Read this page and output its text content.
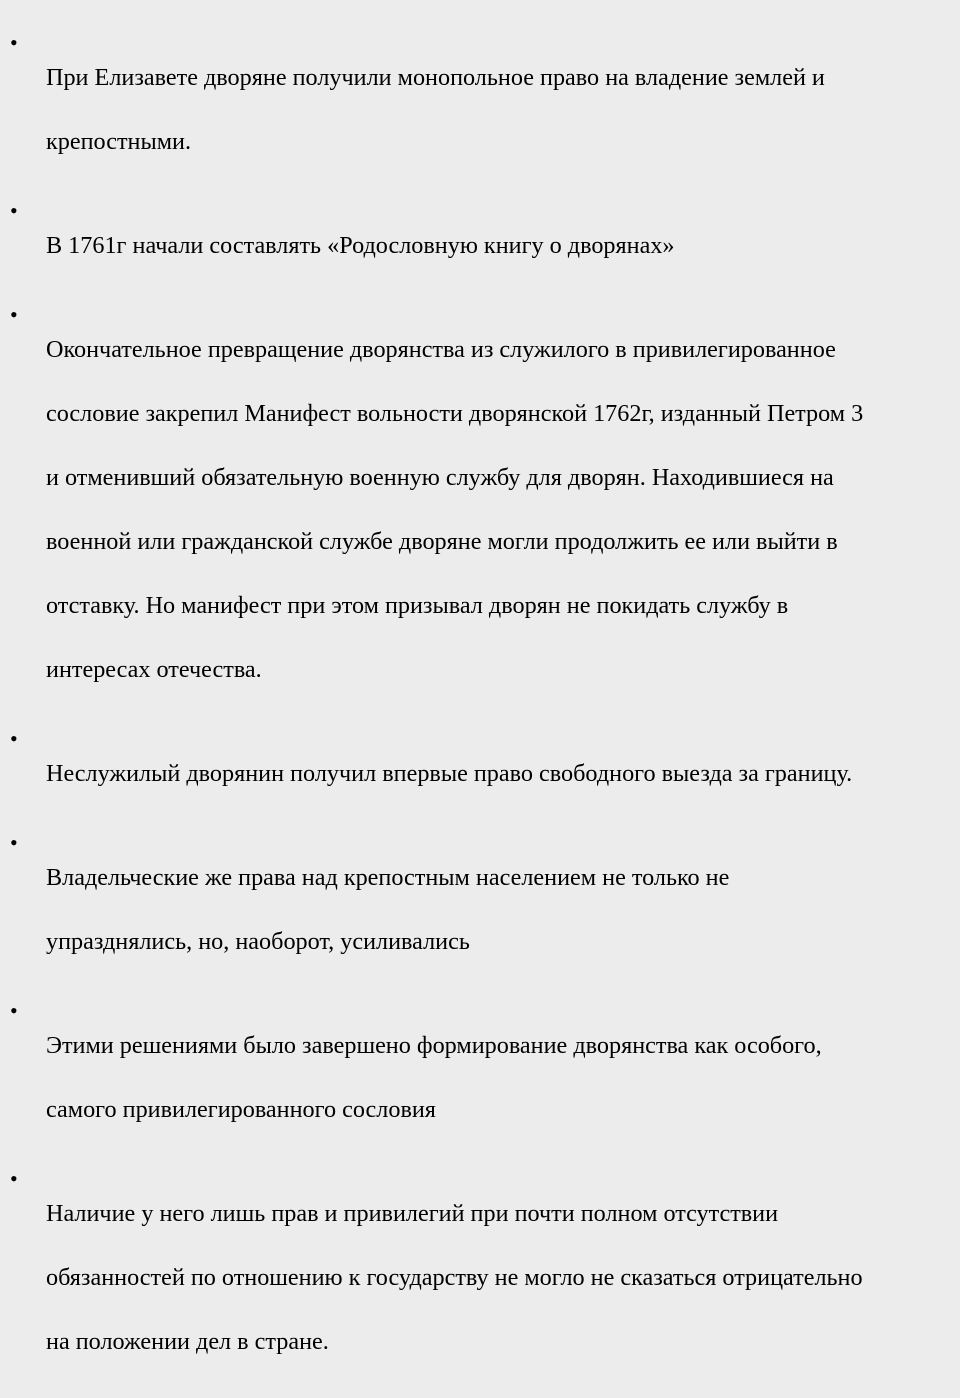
•

При Елизавете дворяне получили монопольное право на владение землей и

крепостными.

•

В 1761г начали составлять «Родословную книгу о дворянах»

•

Окончательное превращение дворянства из служилого в привилегированное

сословие закрепил Манифест вольности дворянской 1762г, изданный Петром 3

и отменивший обязательную военную службу для дворян. Находившиеся на

военной или гражданской службе дворяне могли продолжить ее или выйти в

отставку. Но манифест при этом призывал дворян не покидать службу в

интересах отечества.

•

Неслужилый дворянин получил впервые право свободного выезда за границу.

•

Владельческие же права над крепостным населением не только не

упразднялись, но, наоборот, усиливались

•

Этими решениями было завершено формирование дворянства как особого,

самого привилегированного сословия

•

Наличие у него лишь прав и привилегий при почти полном отсутствии

обязанностей по отношению к государству не могло не сказаться отрицательно

на положении дел в стране.
